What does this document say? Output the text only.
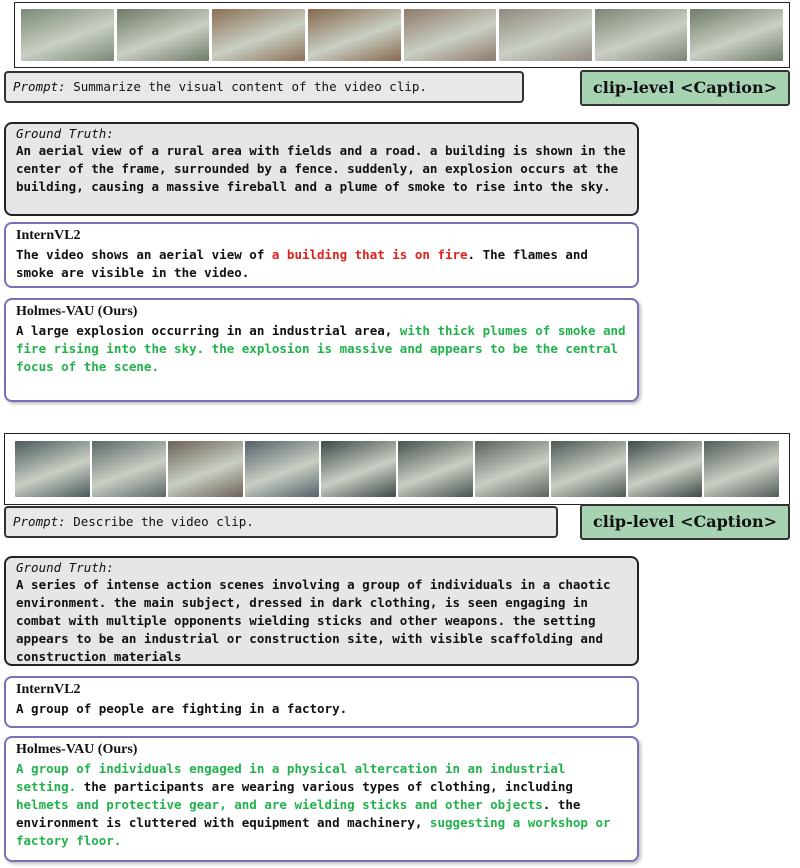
Prompt: Summarize the visual content of the video clip.	clip-level <Caption>
Ground Truth:
An aerial view of a rural area with fields and a road. a building is shown in the center of the frame, surrounded by a fence. suddenly, an explosion occurs at the building, causing a massive fireball and a plume of smoke to rise into the sky.
InternVL2
The video shows an aerial view of a building that is on fire. The flames and smoke are visible in the video.
Holmes-VAU (Ours)
A large explosion occurring in an industrial area, with thick plumes of smoke and fire rising into the sky. the explosion is massive and appears to be the central focus of the scene.
Prompt: Describe the video clip.	clip-level <Caption>
Ground Truth:
A series of intense action scenes involving a group of individuals in a chaotic environment. the main subject, dressed in dark clothing, is seen engaging in combat with multiple opponents wielding sticks and other weapons. the setting appears to be an industrial or construction site, with visible scaffolding and construction materials
InternVL2
A group of people are fighting in a factory.
Holmes-VAU (Ours)
A group of individuals engaged in a physical altercation in an industrial setting. the participants are wearing various types of clothing, including helmets and protective gear, and are wielding sticks and other objects. the environment is cluttered with equipment and machinery, suggesting a workshop or factory floor.
